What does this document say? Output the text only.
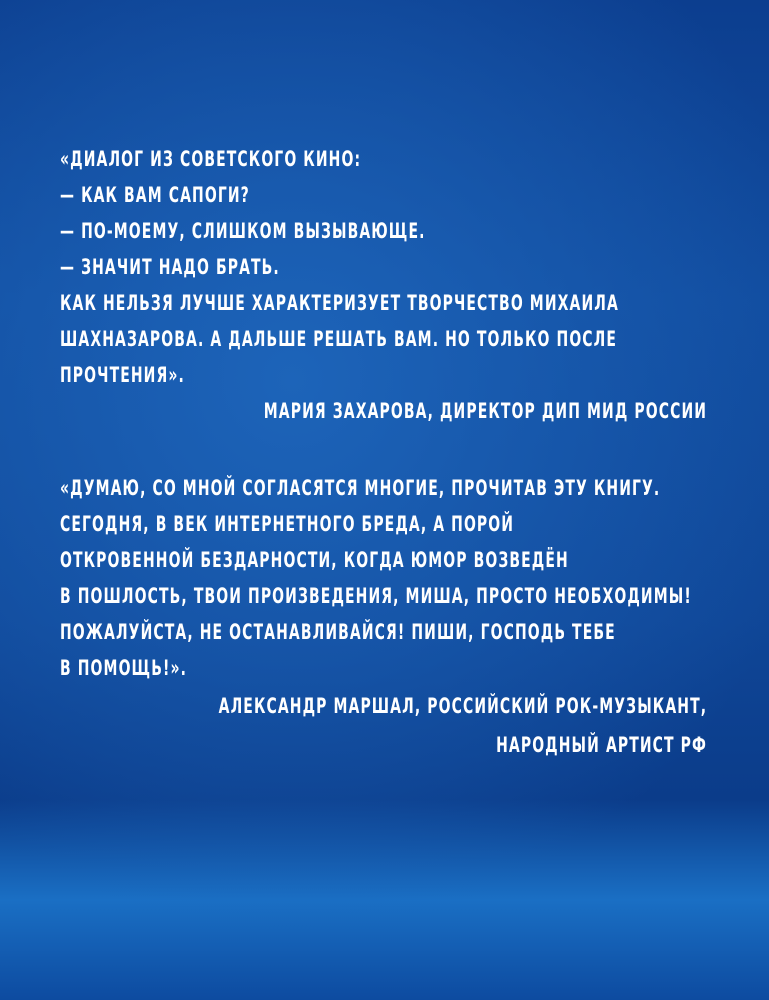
«ДИАЛОГ ИЗ СОВЕТСКОГО КИНО:
— КАК ВАМ САПОГИ?
— ПО-МОЕМУ, СЛИШКОМ ВЫЗЫВАЮЩЕ.
— ЗНАЧИТ НАДО БРАТЬ.
КАК НЕЛЬЗЯ ЛУЧШЕ ХАРАКТЕРИЗУЕТ ТВОРЧЕСТВО МИХАИЛА
ШАХНАЗАРОВА. А ДАЛЬШЕ РЕШАТЬ ВАМ. НО ТОЛЬКО ПОСЛЕ
ПРОЧТЕНИЯ».
МАРИЯ ЗАХАРОВА, ДИРЕКТОР ДИП МИД РОССИИ
«ДУМАЮ, СО МНОЙ СОГЛАСЯТСЯ МНОГИЕ, ПРОЧИТАВ ЭТУ КНИГУ.
СЕГОДНЯ, В ВЕК ИНТЕРНЕТНОГО БРЕДА, А ПОРОЙ
ОТКРОВЕННОЙ БЕЗДАРНОСТИ, КОГДА ЮМОР ВОЗВЕДЁН
В ПОШЛОСТЬ, ТВОИ ПРОИЗВЕДЕНИЯ, МИША, ПРОСТО НЕОБХОДИМЫ!
ПОЖАЛУЙСТА, НЕ ОСТАНАВЛИВАЙСЯ! ПИШИ, ГОСПОДЬ ТЕБЕ
В ПОМОЩЬ!».
АЛЕКСАНДР МАРШАЛ, РОССИЙСКИЙ РОК-МУЗЫКАНТ,
НАРОДНЫЙ АРТИСТ РФ
